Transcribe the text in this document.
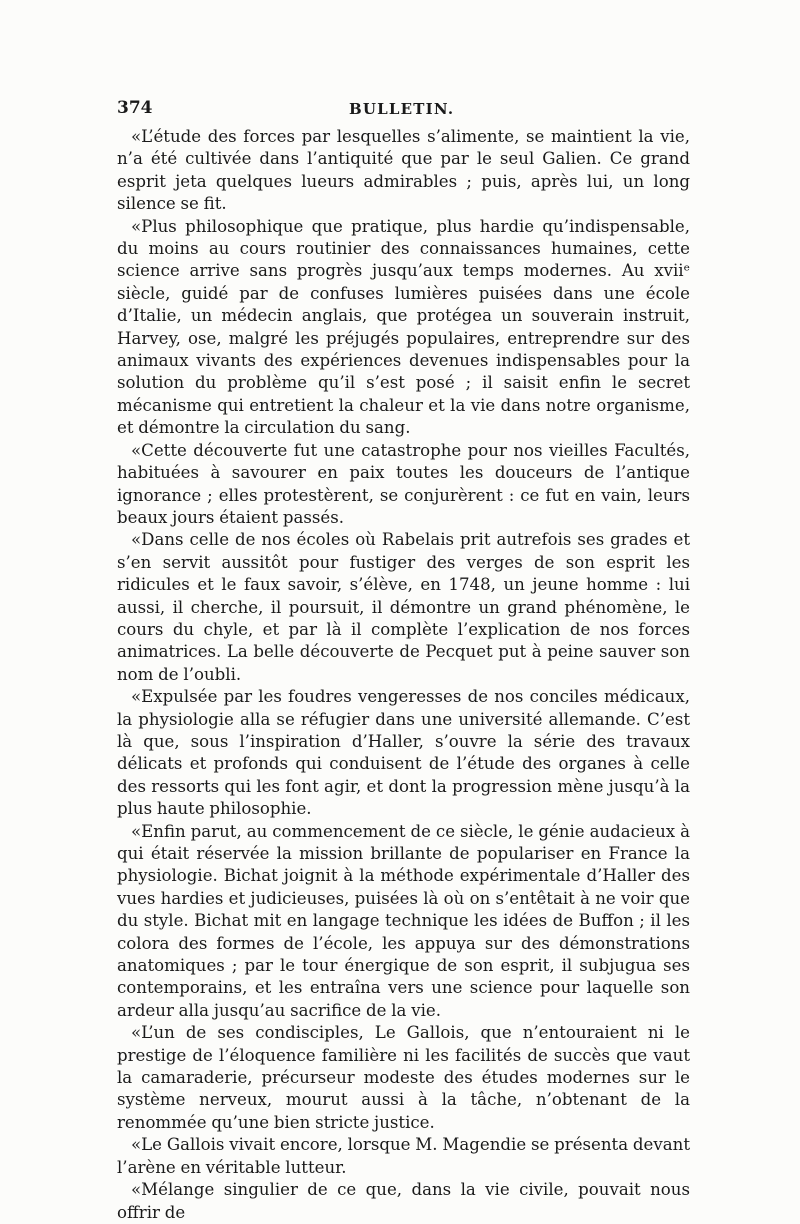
374	BULLETIN.

«L’étude des forces par lesquelles s’alimente, se maintient la vie, n’a été cultivée dans l’antiquité que par le seul Galien. Ce grand esprit jeta quelques lueurs admirables ; puis, après lui, un long silence se fit.

«Plus philosophique que pratique, plus hardie qu’indispensable, du moins au cours routinier des connaissances humaines, cette science arrive sans progrès jusqu’aux temps modernes. Au xviiᵉ siècle, guidé par de confuses lumières puisées dans une école d’Italie, un médecin anglais, que protégea un souverain instruit, Harvey, ose, malgré les préjugés populaires, entreprendre sur des animaux vivants des expériences devenues indispensables pour la solution du problème qu’il s’est posé ; il saisit enfin le secret mécanisme qui entretient la chaleur et la vie dans notre organisme, et démontre la circulation du sang.

«Cette découverte fut une catastrophe pour nos vieilles Facultés, habituées à savourer en paix toutes les douceurs de l’antique ignorance ; elles protestèrent, se conjurèrent : ce fut en vain, leurs beaux jours étaient passés.

«Dans celle de nos écoles où Rabelais prit autrefois ses grades et s’en servit aussitôt pour fustiger des verges de son esprit les ridicules et le faux savoir, s’élève, en 1748, un jeune homme : lui aussi, il cherche, il poursuit, il démontre un grand phénomène, le cours du chyle, et par là il complète l’explication de nos forces animatrices. La belle découverte de Pecquet put à peine sauver son nom de l’oubli.

«Expulsée par les foudres vengeresses de nos conciles médicaux, la physiologie alla se réfugier dans une université allemande. C’est là que, sous l’inspiration d’Haller, s’ouvre la série des travaux délicats et profonds qui conduisent de l’étude des organes à celle des ressorts qui les font agir, et dont la progression mène jusqu’à la plus haute philosophie.

«Enfin parut, au commencement de ce siècle, le génie audacieux à qui était réservée la mission brillante de populariser en France la physiologie. Bichat joignit à la méthode expérimentale d’Haller des vues hardies et judicieuses, puisées là où on s’entêtait à ne voir que du style. Bichat mit en langage technique les idées de Buffon ; il les colora des formes de l’école, les appuya sur des démonstrations anatomiques ; par le tour énergique de son esprit, il subjugua ses contemporains, et les entraîna vers une science pour laquelle son ardeur alla jusqu’au sacrifice de la vie.

«L’un de ses condisciples, Le Gallois, que n’entouraient ni le prestige de l’éloquence familière ni les facilités de succès que vaut la camaraderie, précurseur modeste des études modernes sur le système nerveux, mourut aussi à la tâche, n’obtenant de la renommée qu’une bien stricte justice.

«Le Gallois vivait encore, lorsque M. Magendie se présenta devant l’arène en véritable lutteur.

«Mélange singulier de ce que, dans la vie civile, pouvait nous offrir de
